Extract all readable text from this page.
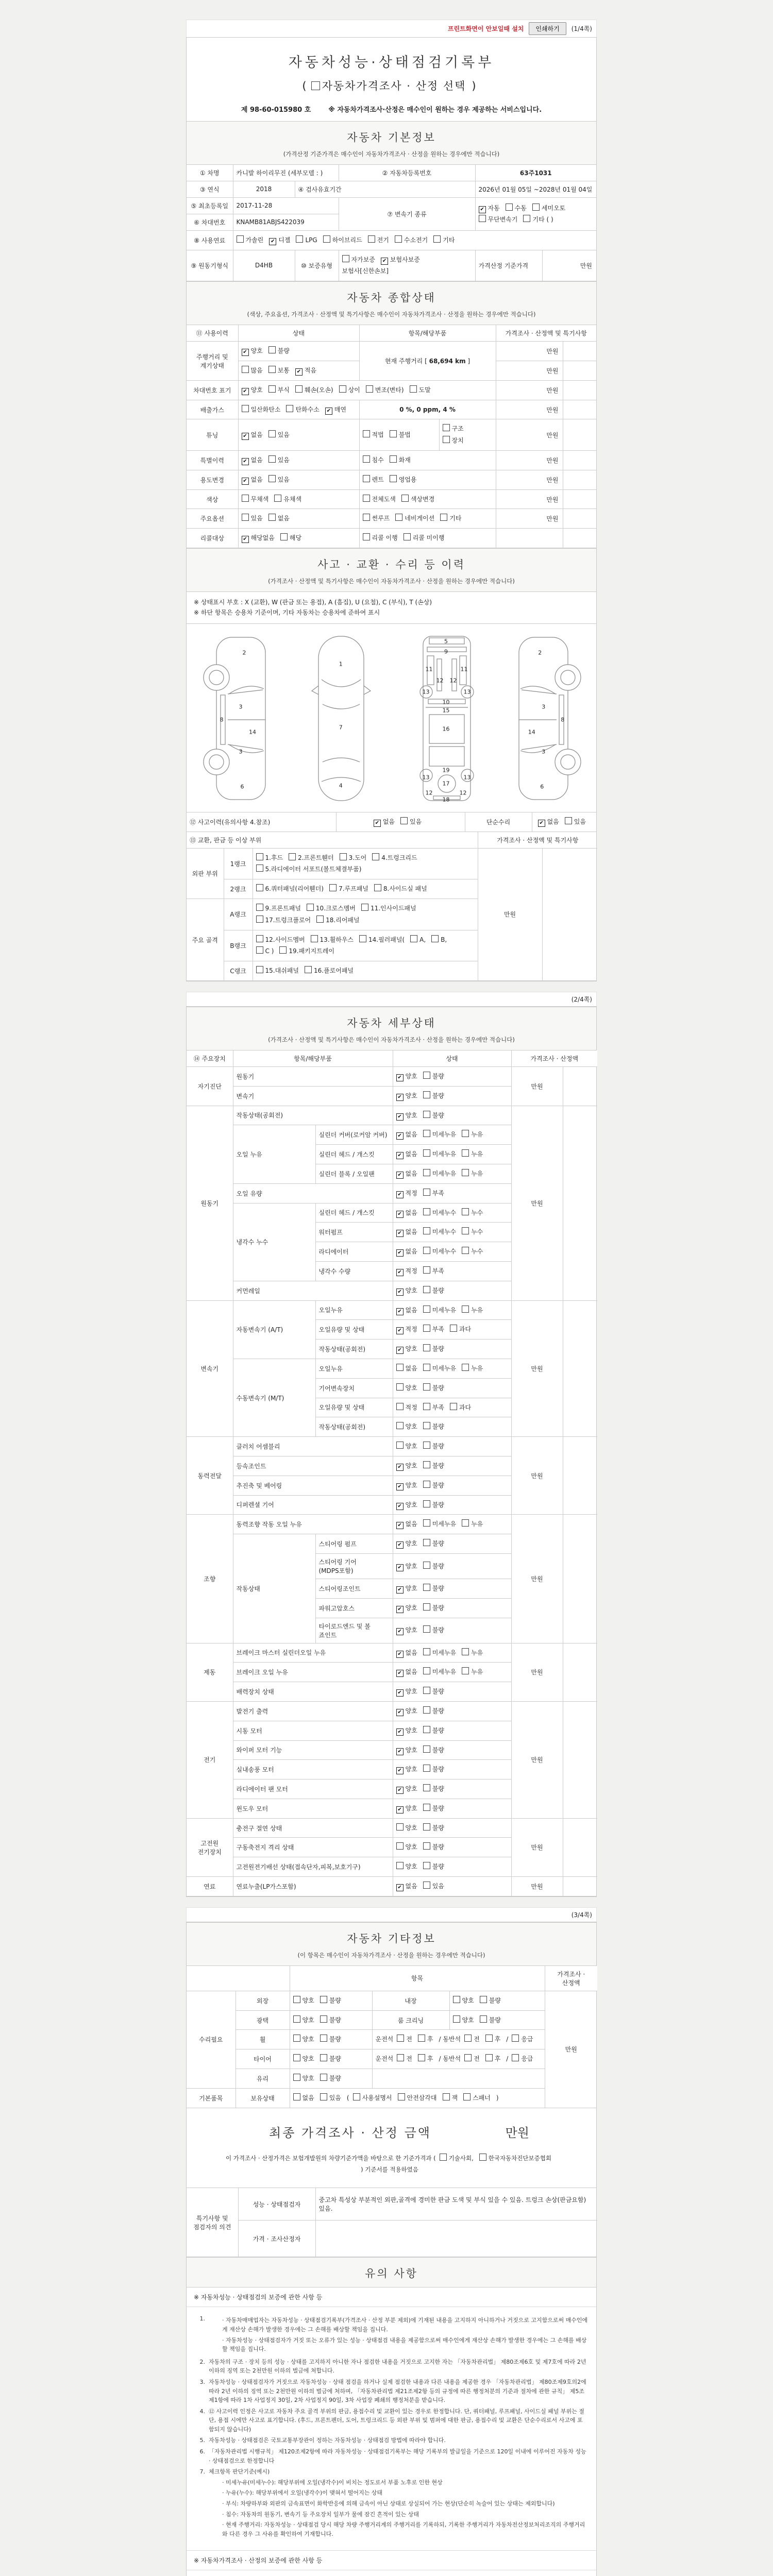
프린트화면이 안보일때 설치	인쇄하기	(1/4쪽)
자동차성능·상태점검기록부
( 자동차가격조사 · 산정 선택 )
제 98-60-015980 호	※ 자동차가격조사·산정은 매수인이 원하는 경우 제공하는 서비스입니다.
자동차 기본정보
(가격산정 기준가격은 매수인이 자동차가격조사 · 산정을 원하는 경우에만 적습니다)
① 차명	카니발 하이리무진 (세부모델 : )		② 자동차등록번호	63주1031	
③ 연식	2018	④ 검사유효기간		2026년 01월 05일 ~2028년 01월 04일	
⑤ 최초등록일	2017-11-28		⑦ 변속기 종류	✔ 자동 수동 세미오토무단변속기 기타 ( )	
⑥ 차대번호	KNAMB81ABJS422039				
⑧ 사용연료	가솔린 ✔ 디젤 LPG 하이브리드 전기 수소전기 기타				
⑨ 원동기형식	D4HB	⑩ 보증유형	자가보증 ✔ 보험사보증보험사[신한손보]	가격산정 기준가격	만원
자동차 종합상태
(색상, 주요옵션, 가격조사 · 산정액 및 특기사항은 매수인이 자동차가격조사 · 산정을 원하는 경우에만 적습니다)
⑪ 사용이력	상태	항목/해당부품		가격조사 · 산정액 및 특기사항	
주행거리 및 계기상태	✔ 양호 불량	현재 주행거리 [ 68,694 km ]		만원	
	많음 보통 ✔ 적음			만원	
차대번호 표기	✔ 양호 부식 훼손(오손) 상이 변조(변타) 도말			만원	
배출가스	일산화탄소 탄화수소 ✔ 매연	0 %, 0 ppm, 4 %		만원	
튜닝	✔ 없음 있음	적법 불법	구조장치	만원	
특별이력	✔ 없음 있음	침수 화재		만원	
용도변경	✔ 없음 있음	렌트 영업용		만원	
색상	무채색 유채색	전체도색 색상변경		만원	
주요옵션	있음 없음	썬루프 네비게이션 기타		만원	
리콜대상	✔ 해당없음 해당	리콜 이행 리콜 미이행			
사고 · 교환 · 수리 등 이력
(가격조사 · 산정액 및 특기사항은 매수인이 자동차가격조사 · 산정을 원하는 경우에만 적습니다)
※ 상태표시 부호 : X (교환), W (판금 또는 용접), A (흠집), U (요철), C (부식), T (손상)
※ 하단 항목은 승용차 기준이며, 기타 자동차는 승용차에 준하여 표시
2
3
8
14
3
6
1
7
4
5
9
11	11
12 12
13	13
10
15
16
19
13	13
17
12	12
18
2
3
8
14
3
6
⑫ 사고이력(유의사항 4.참조)	✔ 없음 있음	단순수리	✔ 없음 있음
⑬ 교환, 판금 등 이상 부위			가격조사 · 산정액 및 특기사항	
외판 부위	1랭크	1.후드 2.프론트휀더 3.도어 4.트렁크리드5.라디에이터 서포트(볼트체결부품)	만원	
	2랭크	6.쿼터패널(리어휀더) 7.루프패널 8.사이드실 패널		
주요 골격	A랭크	9.프론트패널 10.크로스멤버 11.인사이드패널17.트렁크플로어 18.리어패널		
	B랭크	12.사이드멤버 13.휠하우스 14.필러패널( A, B,C ) 19.패키지트레이		
	C랭크	15.대쉬패널 16.플로어패널		
(2/4쪽)
자동차 세부상태
(가격조사 · 산정액 및 특기사항은 매수인이 자동차가격조사 · 산정을 원하는 경우에만 적습니다)
⑭ 주요장치	항목/해당부품		상태	가격조사 · 산정액	
자기진단	원동기		✔ 양호 불량	만원	
	변속기		✔ 양호 불량		
원동기	작동상태(공회전)		✔ 양호 불량	만원	
	오일 누유	실린더 커버(로커암 커버)	✔ 없음 미세누유 누유		
		실린더 헤드 / 개스킷	✔ 없음 미세누유 누유		
		실린더 블록 / 오일팬	✔ 없음 미세누유 누유		
	오일 유량		✔ 적정 부족		
	냉각수 누수	실린더 헤드 / 개스킷	✔ 없음 미세누수 누수		
		워터펌프	✔ 없음 미세누수 누수		
		라디에이터	✔ 없음 미세누수 누수		
		냉각수 수량	✔ 적정 부족		
	커먼레일		✔ 양호 불량		
변속기	자동변속기 (A/T)	오일누유	✔ 없음 미세누유 누유	만원	
		오일유량 및 상태	✔ 적정 부족 과다		
		작동상태(공회전)	✔ 양호 불량		
	수동변속기 (M/T)	오일누유	없음 미세누유 누유		
		기어변속장치	양호 불량		
		오일유량 및 상태	적정 부족 과다		
		작동상태(공회전)	양호 불량		
동력전달	클러치 어셈블리		양호 불량	만원	
	등속조인트		✔ 양호 불량		
	추진축 및 베어링		✔ 양호 불량		
	디퍼렌셜 기어		✔ 양호 불량		
조향	동력조향 작동 오일 누유		✔ 없음 미세누유 누유	만원	
	작동상태	스티어링 펌프	✔ 양호 불량		
		스티어링 기어(MDPS포함)	✔ 양호 불량		
		스티어링조인트	✔ 양호 불량		
		파워고압호스	✔ 양호 불량		
		타이로드엔드 및 볼 죠인트	✔ 양호 불량		
제동	브레이크 마스터 실린더오일 누유		✔ 없음 미세누유 누유	만원	
	브레이크 오일 누유		✔ 없음 미세누유 누유		
	배력장치 상태		✔ 양호 불량		
전기	발전기 출력		✔ 양호 불량	만원	
	시동 모터		✔ 양호 불량		
	와이퍼 모터 기능		✔ 양호 불량		
	실내송풍 모터		✔ 양호 불량		
	라디에이터 팬 모터		✔ 양호 불량		
	윈도우 모터		✔ 양호 불량		
고전원 전기장치	충전구 절연 상태		양호 불량	만원	
	구동축전지 격리 상태		양호 불량		
	고전원전기배선 상태(접속단자,피복,보호기구)		양호 불량		
연료	연료누출(LP가스포함)		✔ 없음 있음	만원	
(3/4쪽)
자동차 기타정보
(이 항목은 매수인이 자동차가격조사 · 산정을 원하는 경우에만 적습니다)
		항목			가격조사 · 산정액
수리필요	외장	양호 불량	내장	양호 불량	만원
	광택	양호 불량	룸 크리닝	양호 불량	
	휠	양호 불량	운전석 전 후 / 동반석 전 후 / 응급		
	타이어	양호 불량	운전석 전 후 / 동반석 전 후 / 응급		
	유리	양호 불량			
기본품목	보유상태	없음 있음 ( 사용설명서 안전삼각대 잭 스패너 )			
최종 가격조사 · 산정 금액	만원
이 가격조사 · 산정가격은 보험개발원의 차량기준가액을 바탕으로 한 기준가격과 ( 기술사회,	한국자동차진단보증협회) 기준서를 적용하였음
특기사항 및 점검자의 의견	성능 · 상태점검자	중고차 특성상 부분적인 외판,골격에 경미한 판금 도색 및 부식 있을 수 있음. 트렁크 손상(판금요함) 있음.
	가격 · 조사산정자	
유의 사항
※ 자동차성능 · 상태점검의 보증에 관한 사항 등
1.	· 자동차매매업자는 자동차성능 · 상태점검기록부(가격조사 · 산정 부분 제외)에 기재된 내용을 고지하지 아니하거나 거짓으로 고지함으로써 매수인에게 재산상 손해가 발생한 경우에는 그 손해를 배상할 책임을 집니다.
· 자동차성능 · 상태점검자가 거짓 또는 오류가 있는 성능 · 상태점검 내용을 제공함으로써 매수인에게 재산상 손해가 발생한 경우에는 그 손해를 배상할 책임을 집니다.
2. 자동차의 구조 · 장치 등의 성능 · 상태를 고지하지 아니한 자나 점검한 내용을 거짓으로 고지한 자는 「자동차관리법」 제80조제6호 및 제7호에 따라 2년 이하의 징역 또는 2천만원 이하의 벌금에 처합니다.
3. 자동차성능 · 상태점검자가 거짓으로 자동차성능 · 상태 점검을 하거나 실제 점검한 내용과 다른 내용을 제공한 경우 「자동차관리법」 제80조제9호의2에 따라 2년 이하의 징역 또는 2천만원 이하의 벌금에 처하며, 「자동차관리법 제21조제2항 등의 규정에 따른 행정처분의 기준과 절차에 관한 규칙」 제5조제1항에 따라 1차 사업정지 30일, 2차 사업정지 90일, 3차 사업장 폐쇄의 행정처분을 받습니다.
4. ⑫ 사고이력 인정은 사고로 자동차 주요 골격 부위의 판금, 용접수리 및 교환이 있는 경우로 한정합니다. 단, 쿼터패널, 루프패널, 사이드실 패널 부위는 절단, 용접 시에만 사고로 표기합니다. (후드, 프론트펜더, 도어, 트렁크리드 등 외판 부위 및 범퍼에 대한 판금, 용접수리 및 교환은 단순수리로서 사고에 포함되지 않습니다)
5. 자동차성능 · 상태점검은 국토교통부장관이 정하는 자동차성능 · 상태점검 방법에 따라야 합니다.
6. 「자동차관리법 시행규칙」 제120조제2항에 따라 자동차성능 · 상태점검기록부는 해당 기록부의 발급일을 기준으로 120일 이내에 이루어진 자동차 성능 · 상태점검으로 한정합니다
7. 체크항목 판단기준(예시)
· 미세누유(미세누수): 해당부위에 오일(냉각수)이 비치는 정도로서 부품 노후로 인한 현상
· 누유(누수): 해당부위에서 오일(냉각수)이 맺혀서 떨어지는 상태
· 부식: 차량하부와 외판의 금속표면이 화학반응에 의해 금속이 아닌 상태로 상실되어 가는 현상(단순히 녹슬어 있는 상태는 제외합니다)
· 침수: 자동차의 원동기, 변속기 등 주요장치 일부가 물에 잠긴 흔적이 있는 상태
· 현재 주행거리: 자동차성능 · 상태점검 당시 해당 차량 주행거리계의 주행거리를 기록하되, 기록한 주행거리가 자동차전산정보처리조직의 주행거리와 다른 경우 그 사유를 확인하여 기재합니다.
※ 자동차가격조사 · 산정의 보증에 관한 사항 등
